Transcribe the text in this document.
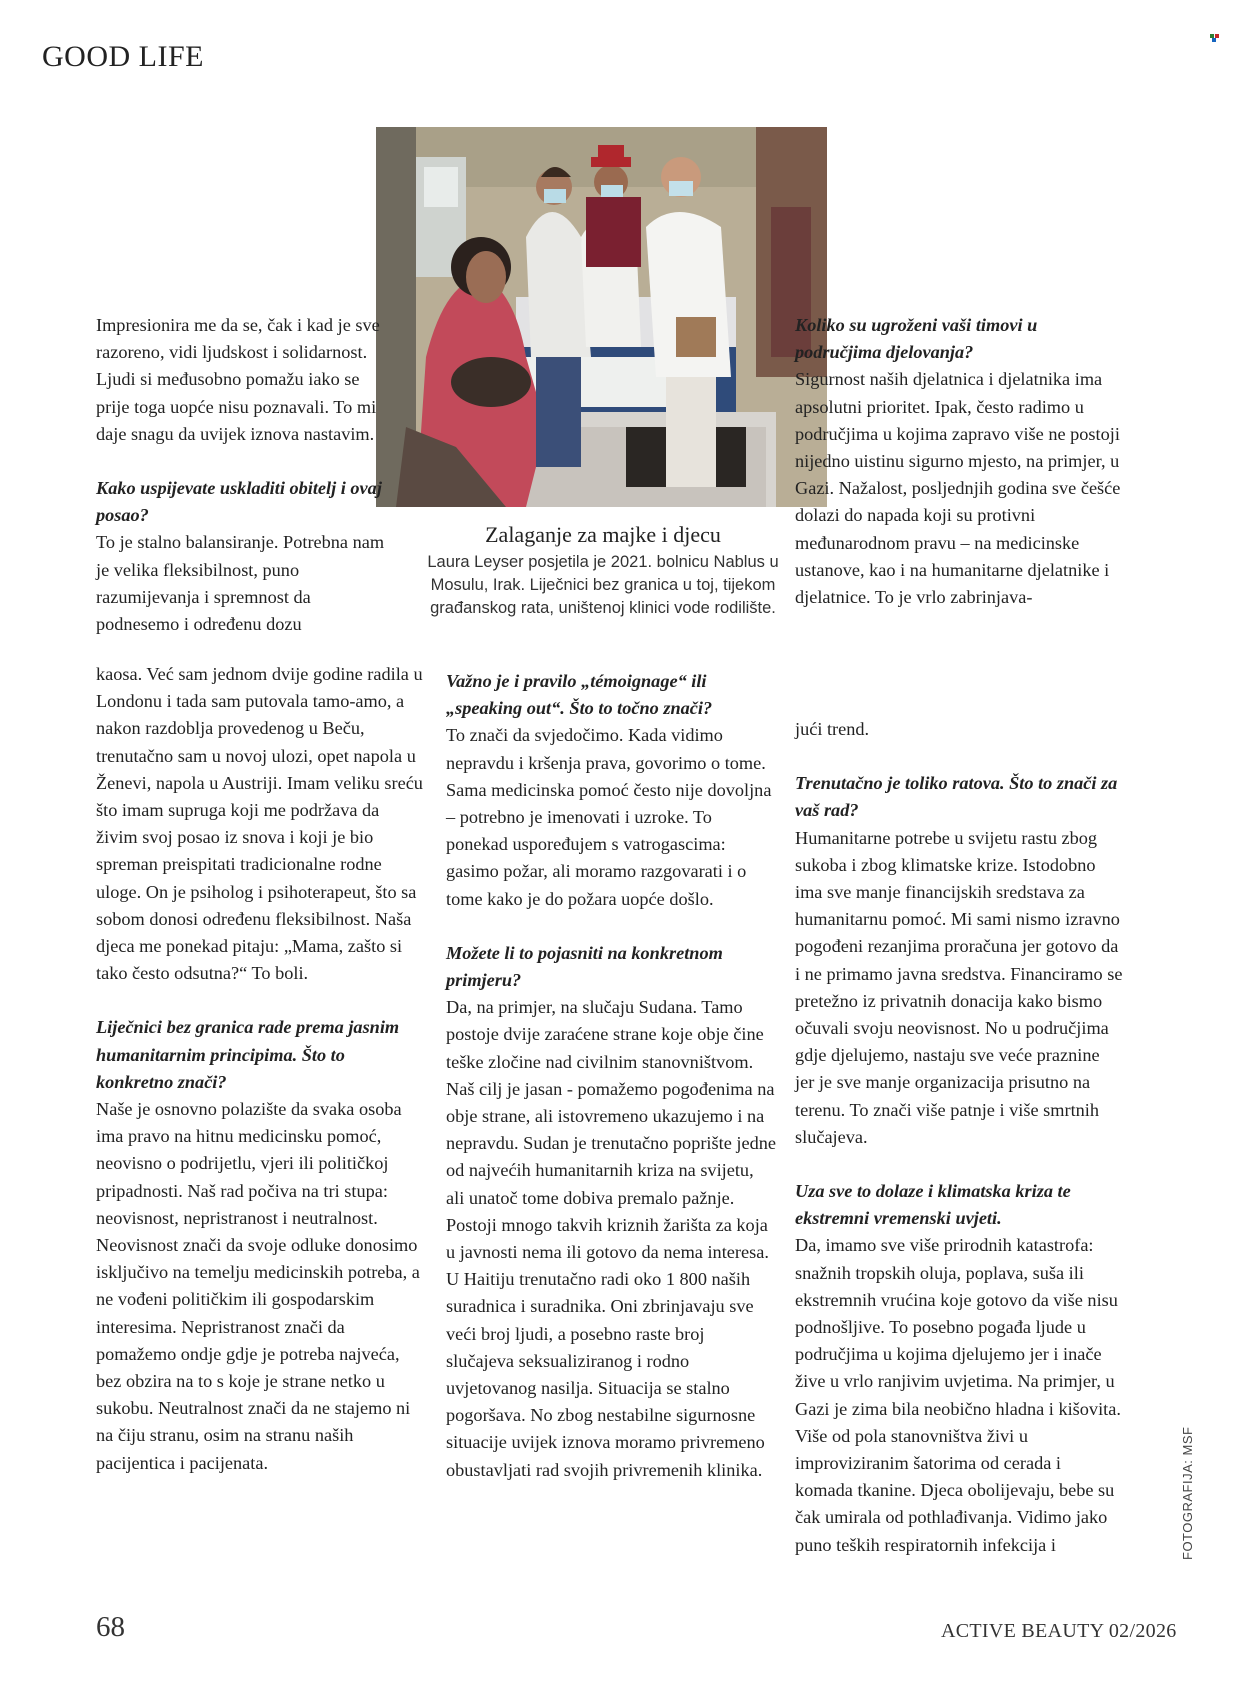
GOOD LIFE
Zalaganje za majke i djecu
Laura Leyser posjetila je 2021. bolnicu Nablus u Mosulu, Irak. Liječnici bez granica u toj, tijekom građanskog rata, uništenoj klinici vode rodilište.

Impresionira me da se, čak i kad je sve razoreno, vidi ljudskost i solidarnost. Ljudi si međusobno pomažu iako se prije toga uopće nisu poznavali. To mi daje snagu da uvijek iznova nastavim.

Kako uspijevate uskladiti obitelj i ovaj posao?

To je stalno balansiranje. Potrebna nam je velika fleksibilnost, puno razumijevanja i spremnost da podnesemo i određenu dozu

kaosa. Već sam jednom dvije godine radila u Londonu i tada sam putovala tamo-amo, a nakon razdoblja provedenog u Beču, trenutačno sam u novoj ulozi, opet napola u Ženevi, napola u Austriji. Imam veliku sreću što imam supruga koji me podržava da živim svoj posao iz snova i koji je bio spreman preispitati tradicionalne rodne uloge. On je psiholog i psihoterapeut, što sa sobom donosi određenu fleksibilnost. Naša djeca me ponekad pitaju: „Mama, zašto si tako često odsutna?“ To boli.

Liječnici bez granica rade prema jasnim humanitarnim principima. Što to konkretno znači?

Naše je osnovno polazište da svaka osoba ima pravo na hitnu medicinsku pomoć, neovisno o podrijetlu, vjeri ili političkoj pripadnosti. Naš rad počiva na tri stupa: neovisnost, nepristranost i neutralnost. Neovisnost znači da svoje odluke donosimo isključivo na temelju medicinskih potreba, a ne vođeni političkim ili gospodarskim interesima. Nepristranost znači da pomažemo ondje gdje je potreba najveća, bez obzira na to s koje je strane netko u sukobu. Neutralnost znači da ne stajemo ni na čiju stranu, osim na stranu naših pacijentica i pacijenata.

Važno je i pravilo „témoignage“ ili „speaking out“. Što to točno znači?

To znači da svjedočimo. Kada vidimo nepravdu i kršenja prava, govorimo o tome. Sama medicinska pomoć često nije dovoljna – potrebno je imenovati i uzroke. To ponekad uspoređujem s vatrogascima: gasimo požar, ali moramo razgovarati i o tome kako je do požara uopće došlo.

Možete li to pojasniti na konkretnom primjeru?

Da, na primjer, na slučaju Sudana. Tamo postoje dvije zaraćene strane koje obje čine teške zločine nad civilnim stanovništvom. Naš cilj je jasan - pomažemo pogođenima na obje strane, ali istovremeno ukazujemo i na nepravdu. Sudan je trenutačno poprište jedne od najvećih humanitarnih kriza na svijetu, ali unatoč tome dobiva premalo pažnje. Postoji mnogo takvih kriznih žarišta za koja u javnosti nema ili gotovo da nema interesa. U Haitiju trenutačno radi oko 1 800 naših suradnica i suradnika. Oni zbrinjavaju sve veći broj ljudi, a posebno raste broj slučajeva seksualiziranog i rodno uvjetovanog nasilja. Situacija se stalno pogoršava. No zbog nestabilne sigurnosne situacije uvijek iznova moramo privremeno obustavljati rad svojih privremenih klinika.

Koliko su ugroženi vaši timovi u područjima djelovanja?

Sigurnost naših djelatnica i djelatnika ima apsolutni prioritet. Ipak, često radimo u područjima u kojima zapravo više ne postoji nijedno uistinu sigurno mjesto, na primjer, u Gazi. Nažalost, posljednjih godina sve češće dolazi do napada koji su protivni međunarodnom pravu – na medicinske ustanove, kao i na humanitarne djelatnike i djelatnice. To je vrlo zabrinjava-

jući trend.

Trenutačno je toliko ratova. Što to znači za vaš rad?

Humanitarne potrebe u svijetu rastu zbog sukoba i zbog klimatske krize. Istodobno ima sve manje financijskih sredstava za humanitarnu pomoć. Mi sami nismo izravno pogođeni rezanjima proračuna jer gotovo da i ne primamo javna sredstva. Financiramo se pretežno iz privatnih donacija kako bismo očuvali svoju neovisnost. No u područjima gdje djelujemo, nastaju sve veće praznine jer je sve manje organizacija prisutno na terenu. To znači više patnje i više smrtnih slučajeva.

Uza sve to dolaze i klimatska kriza te ekstremni vremenski uvjeti.

Da, imamo sve više prirodnih katastrofa: snažnih tropskih oluja, poplava, suša ili ekstremnih vrućina koje gotovo da više nisu podnošljive. To posebno pogađa ljude u područjima u kojima djelujemo jer i inače žive u vrlo ranjivim uvjetima. Na primjer, u Gazi je zima bila neobično hladna i kišovita. Više od pola stanovništva živi u improviziranim šatorima od cerada i komada tkanine. Djeca obolijevaju, bebe su čak umirala od pothlađivanja. Vidimo jako puno teških respiratornih infekcija i	FOTOGRAFIJA: MSF
68	ACTIVE BEAUTY 02/2026
